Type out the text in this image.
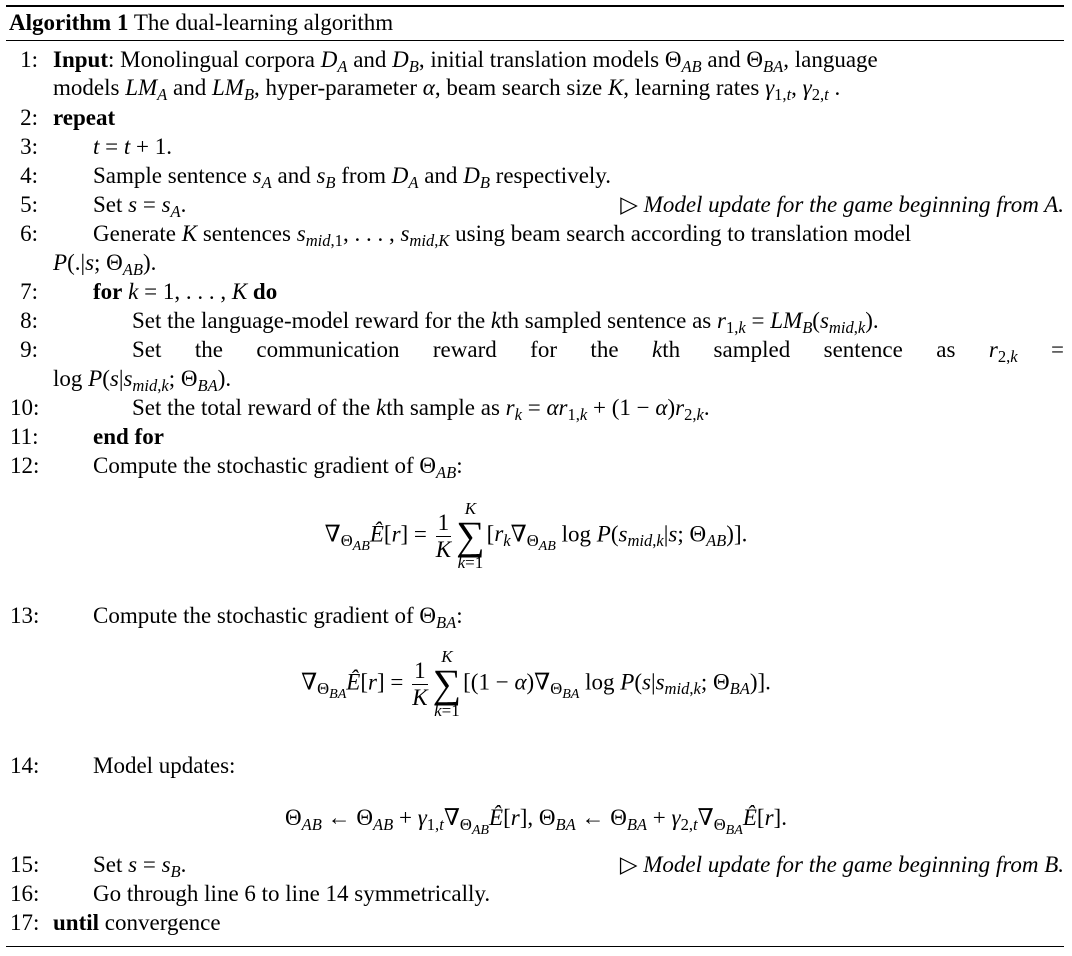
Algorithm 1 The dual-learning algorithm
1: Input: Monolingual corpora $D_A$ and $D_B$, initial translation models $\Theta_{AB}$ and $\Theta_{BA}$, language
models $LM_A$ and $LM_B$, hyper-parameter α, beam search size K, learning rates $\gamma_{1,t}$, $\gamma_{2,t}$ .
2: repeat
3: t = t + 1.
4: Sample sentence $s_A$ and $s_B$ from $D_A$ and $D_B$ respectively.
5: Set $s = s_A$.	▷ Model update for the game beginning from A.
6: Generate K sentences $s_{mid,1}$, . . . , $s_{mid,K}$ using beam search according to translation model
P(.|s; $\Theta_{AB}$).
7: for k = 1, . . . , K do
8:	Set the language-model reward for the kth sampled sentence as $r_{1,k} = LM_B(s_{mid,k})$.
9:	Set the communication reward for the kth sampled sentence as $r_{2,k}$ =
$\log P(s|s_{mid,k}$; $\Theta_{BA}$).
10:	Set the total reward of the kth sample as $r_k = \alpha r_{1,k} + (1 - \alpha)r_{2,k}$.
11: end for
12: Compute the stochastic gradient of $\Theta_{AB}$:
$\nabla_{\Theta_{AB}}Ê[r] = \frac{1}{K}$
K
∑
k=1
[$r_k\nabla_{\Theta_{AB}}$ $\log P(s_{mid,k}|s$; $\Theta_{AB}$)].
13: Compute the stochastic gradient of $\Theta_{BA}$:
$\nabla_{\Theta_{BA}}Ê[r] = \frac{1}{K}$
K
∑
k=1
[$(1 - \alpha)\nabla_{\Theta_{BA}}$ $\log P(s|s_{mid,k}$; $\Theta_{BA}$)].
14: Model updates:
$\Theta_{AB}$ ← $\Theta_{AB}$ + $\gamma_{1,t}\nabla_{\Theta_{AB}}Ê[r]$, $\Theta_{BA}$ ← $\Theta_{BA}$ + $\gamma_{2,t}\nabla_{\Theta_{BA}}Ê[r]$.
15: Set $s = s_B$.	▷ Model update for the game beginning from B.
16: Go through line 6 to line 14 symmetrically.
17: until convergence
